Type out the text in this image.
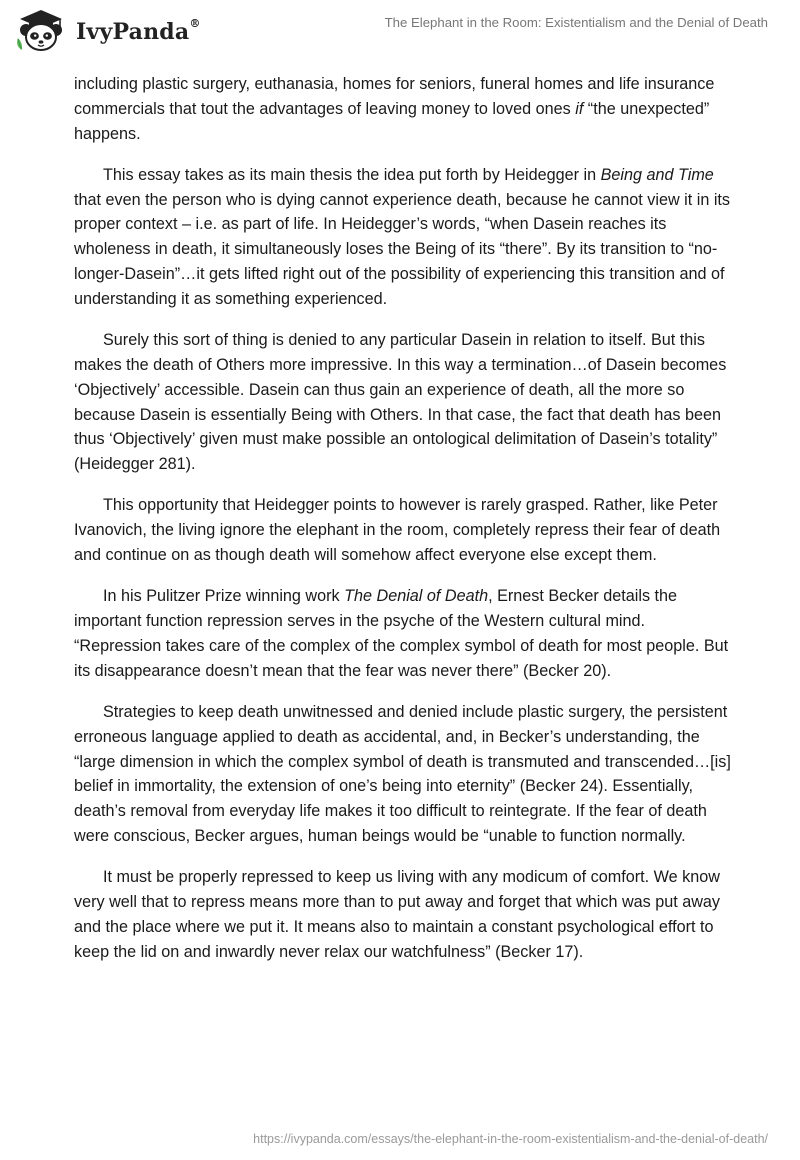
IvyPanda®	The Elephant in the Room: Existentialism and the Denial of Death

including plastic surgery, euthanasia, homes for seniors, funeral homes and life insurance commercials that tout the advantages of leaving money to loved ones if “the unexpected” happens.

This essay takes as its main thesis the idea put forth by Heidegger in Being and Time that even the person who is dying cannot experience death, because he cannot view it in its proper context – i.e. as part of life. In Heidegger’s words, “when Dasein reaches its wholeness in death, it simultaneously loses the Being of its “there”. By its transition to “no-longer-Dasein”…it gets lifted right out of the possibility of experiencing this transition and of understanding it as something experienced.

Surely this sort of thing is denied to any particular Dasein in relation to itself. But this makes the death of Others more impressive. In this way a termination…of Dasein becomes ‘Objectively’ accessible. Dasein can thus gain an experience of death, all the more so because Dasein is essentially Being with Others. In that case, the fact that death has been thus ‘Objectively’ given must make possible an ontological delimitation of Dasein’s totality” (Heidegger 281).

This opportunity that Heidegger points to however is rarely grasped. Rather, like Peter Ivanovich, the living ignore the elephant in the room, completely repress their fear of death and continue on as though death will somehow affect everyone else except them.

In his Pulitzer Prize winning work The Denial of Death, Ernest Becker details the important function repression serves in the psyche of the Western cultural mind. “Repression takes care of the complex of the complex symbol of death for most people. But its disappearance doesn’t mean that the fear was never there” (Becker 20).

Strategies to keep death unwitnessed and denied include plastic surgery, the persistent erroneous language applied to death as accidental, and, in Becker’s understanding, the “large dimension in which the complex symbol of death is transmuted and transcended…[is] belief in immortality, the extension of one’s being into eternity” (Becker 24). Essentially, death’s removal from everyday life makes it too difficult to reintegrate. If the fear of death were conscious, Becker argues, human beings would be “unable to function normally.

It must be properly repressed to keep us living with any modicum of comfort. We know very well that to repress means more than to put away and forget that which was put away and the place where we put it. It means also to maintain a constant psychological effort to keep the lid on and inwardly never relax our watchfulness” (Becker 17).

https://ivypanda.com/essays/the-elephant-in-the-room-existentialism-and-the-denial-of-death/
